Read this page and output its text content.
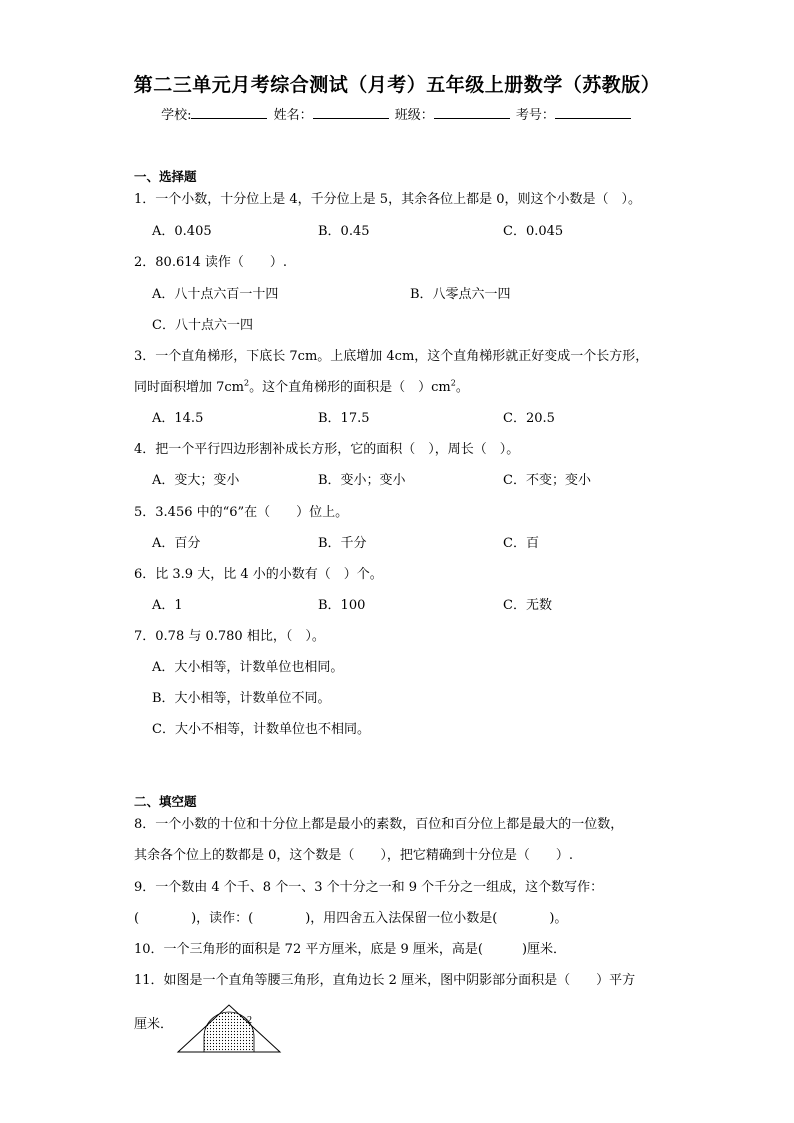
第二三单元月考综合测试（月考）五年级上册数学（苏教版）
学校:	姓名：	班级：	考号：
一、选择题
1．一个小数，十分位上是 4，千分位上是 5，其余各位上都是 0，则这个小数是（　）。
A．0.405	B．0.45	C．0.045
2．80.614 读作（　　）.
A．八十点六百一十四	B．八零点六一四
C．八十点六一四
3．一个直角梯形，下底长 7cm。上底增加 4cm，这个直角梯形就正好变成一个长方形，
同时面积增加 $7cm^2$。这个直角梯形的面积是（　）$cm^2$。
A．14.5	B．17.5	C．20.5
4．把一个平行四边形割补成长方形，它的面积（　），周长（　）。
A．变大；变小	B．变小；变小	C．不变；变小
5．3.456 中的“6”在（　　）位上。
A．百分	B．千分	C．百
6．比 3.9 大，比 4 小的小数有（　）个。
A．1	B．100	C．无数
7．0.78 与 0.780 相比，（　）。
A．大小相等，计数单位也相同。
B．大小相等，计数单位不同。
C．大小不相等，计数单位也不相同。
二、填空题
8．一个小数的十位和十分位上都是最小的素数，百位和百分位上都是最大的一位数，
其余各个位上的数都是 0，这个数是（　　），把它精确到十分位是（　　）.
9．一个数由 4 个千、8 个一、3 个十分之一和 9 个千分之一组成，这个数写作：
(　　　　)，读作：(　　　　)，用四舍五入法保留一位小数是(　　　　)。
10．一个三角形的面积是 72 平方厘米，底是 9 厘米，高是(　　　)厘米．
11．如图是一个直角等腰三角形，直角边长 2 厘米，图中阴影部分面积是（　　）平方
厘米．	2
